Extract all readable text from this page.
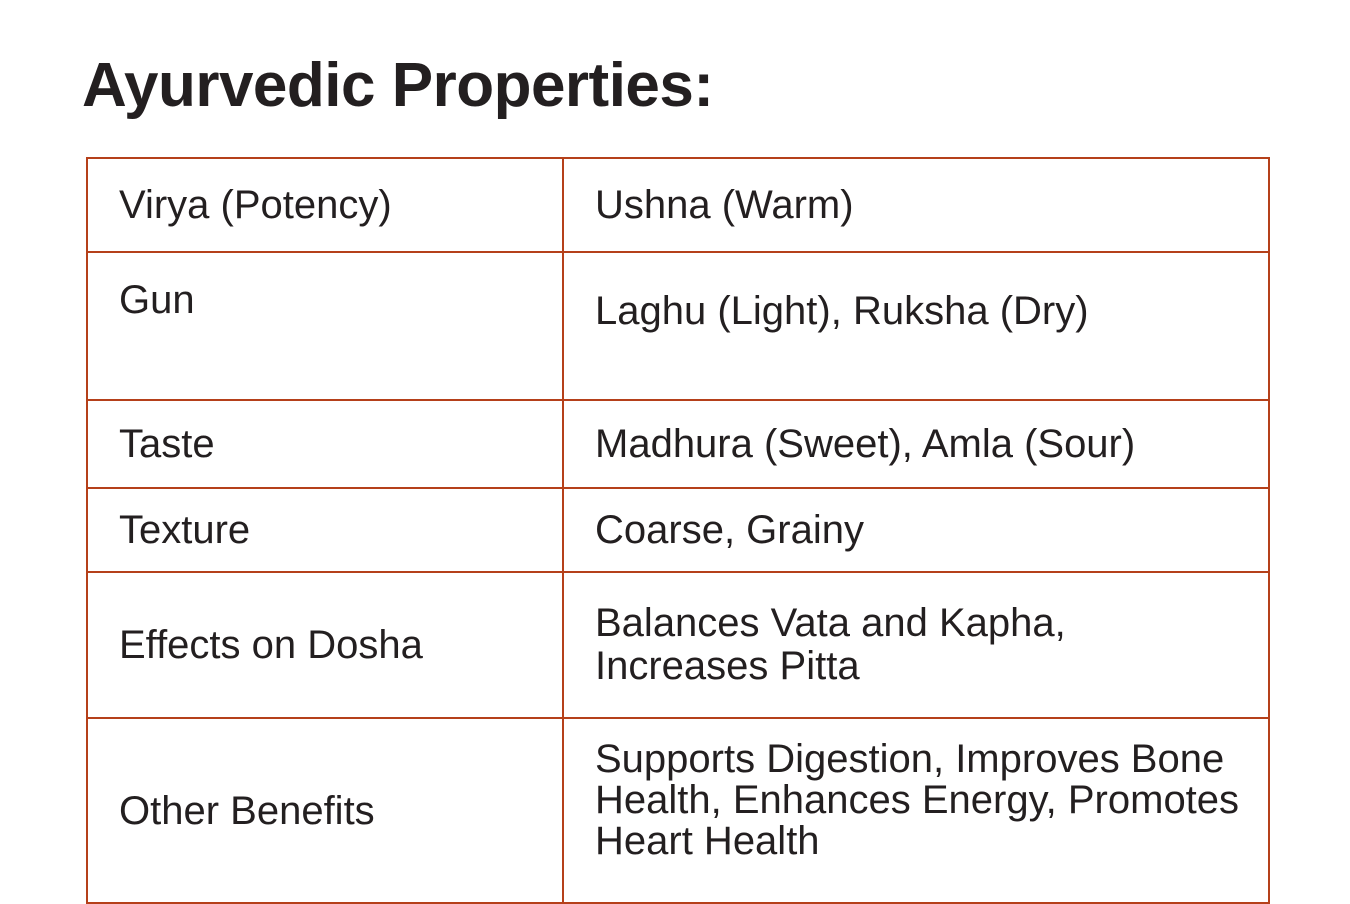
Ayurvedic Properties:
Virya (Potency)	Ushna (Warm)
Gun	Laghu (Light), Ruksha (Dry)
Taste	Madhura (Sweet), Amla (Sour)
Texture	Coarse, Grainy
Effects on Dosha	Balances Vata and Kapha, Increases Pitta
Other Benefits	Supports Digestion, Improves Bone Health, Enhances Energy, Promotes Heart Health
